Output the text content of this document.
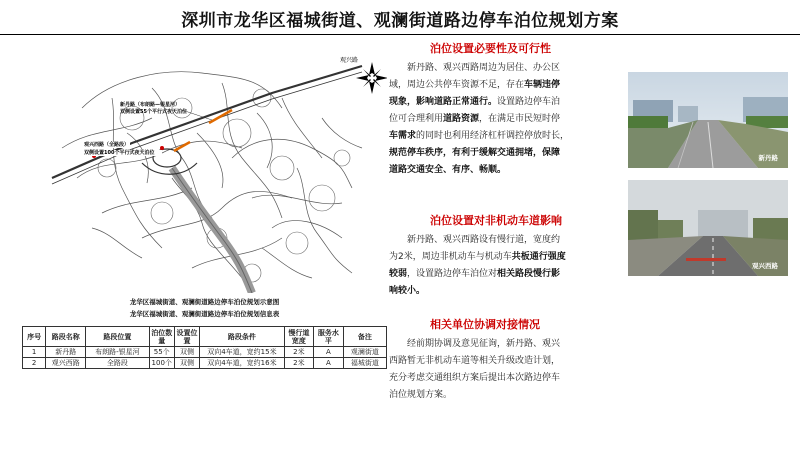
深圳市龙华区福城街道、观澜街道路边停车泊位规划方案
观兴路
新丹路（布朗路—银星河）
双侧设置55个平行式夜天泊位
观兴西路（全路段）
双侧设置100个平行式夜天泊位
龙华区福城街道、观澜街道路边停车泊位规划示意图
龙华区福城街道、观澜街道路边停车泊位规划信息表
序号	路段名称	路段位置	泊位数量	设置位置	路段条件	慢行道宽度	服务水平	备注
1	新丹路	布朗路-银星河	55个	双侧	双向4车道，宽约15米	2米	A	观澜街道
2	观兴西路	全路段	100个	双侧	双向4车道，宽约16米	2米	A	福城街道
泊位设置必要性及可行性
新丹路、观兴西路周边为居住、办公区
域，周边公共停车资源不足，存在车辆违停
现象，影响道路正常通行。设置路边停车泊
位可合理利用道路资源，在满足市民短时停
车需求的同时也利用经济杠杆调控停放时长，
规范停车秩序，有利于缓解交通拥堵，保障
道路交通安全、有序、畅顺。
泊位设置对非机动车道影响
新丹路、观兴西路设有慢行道，宽度约
为2米，周边非机动车与机动车共板通行强度
较弱，设置路边停车泊位对相关路段慢行影
响较小。
相关单位协调对接情况
经前期协调及意见征询，新丹路、观兴
西路暂无非机动车道等相关升级改造计划，
充分考虑交通组织方案后提出本次路边停车
泊位规划方案。
新丹路
观兴西路
